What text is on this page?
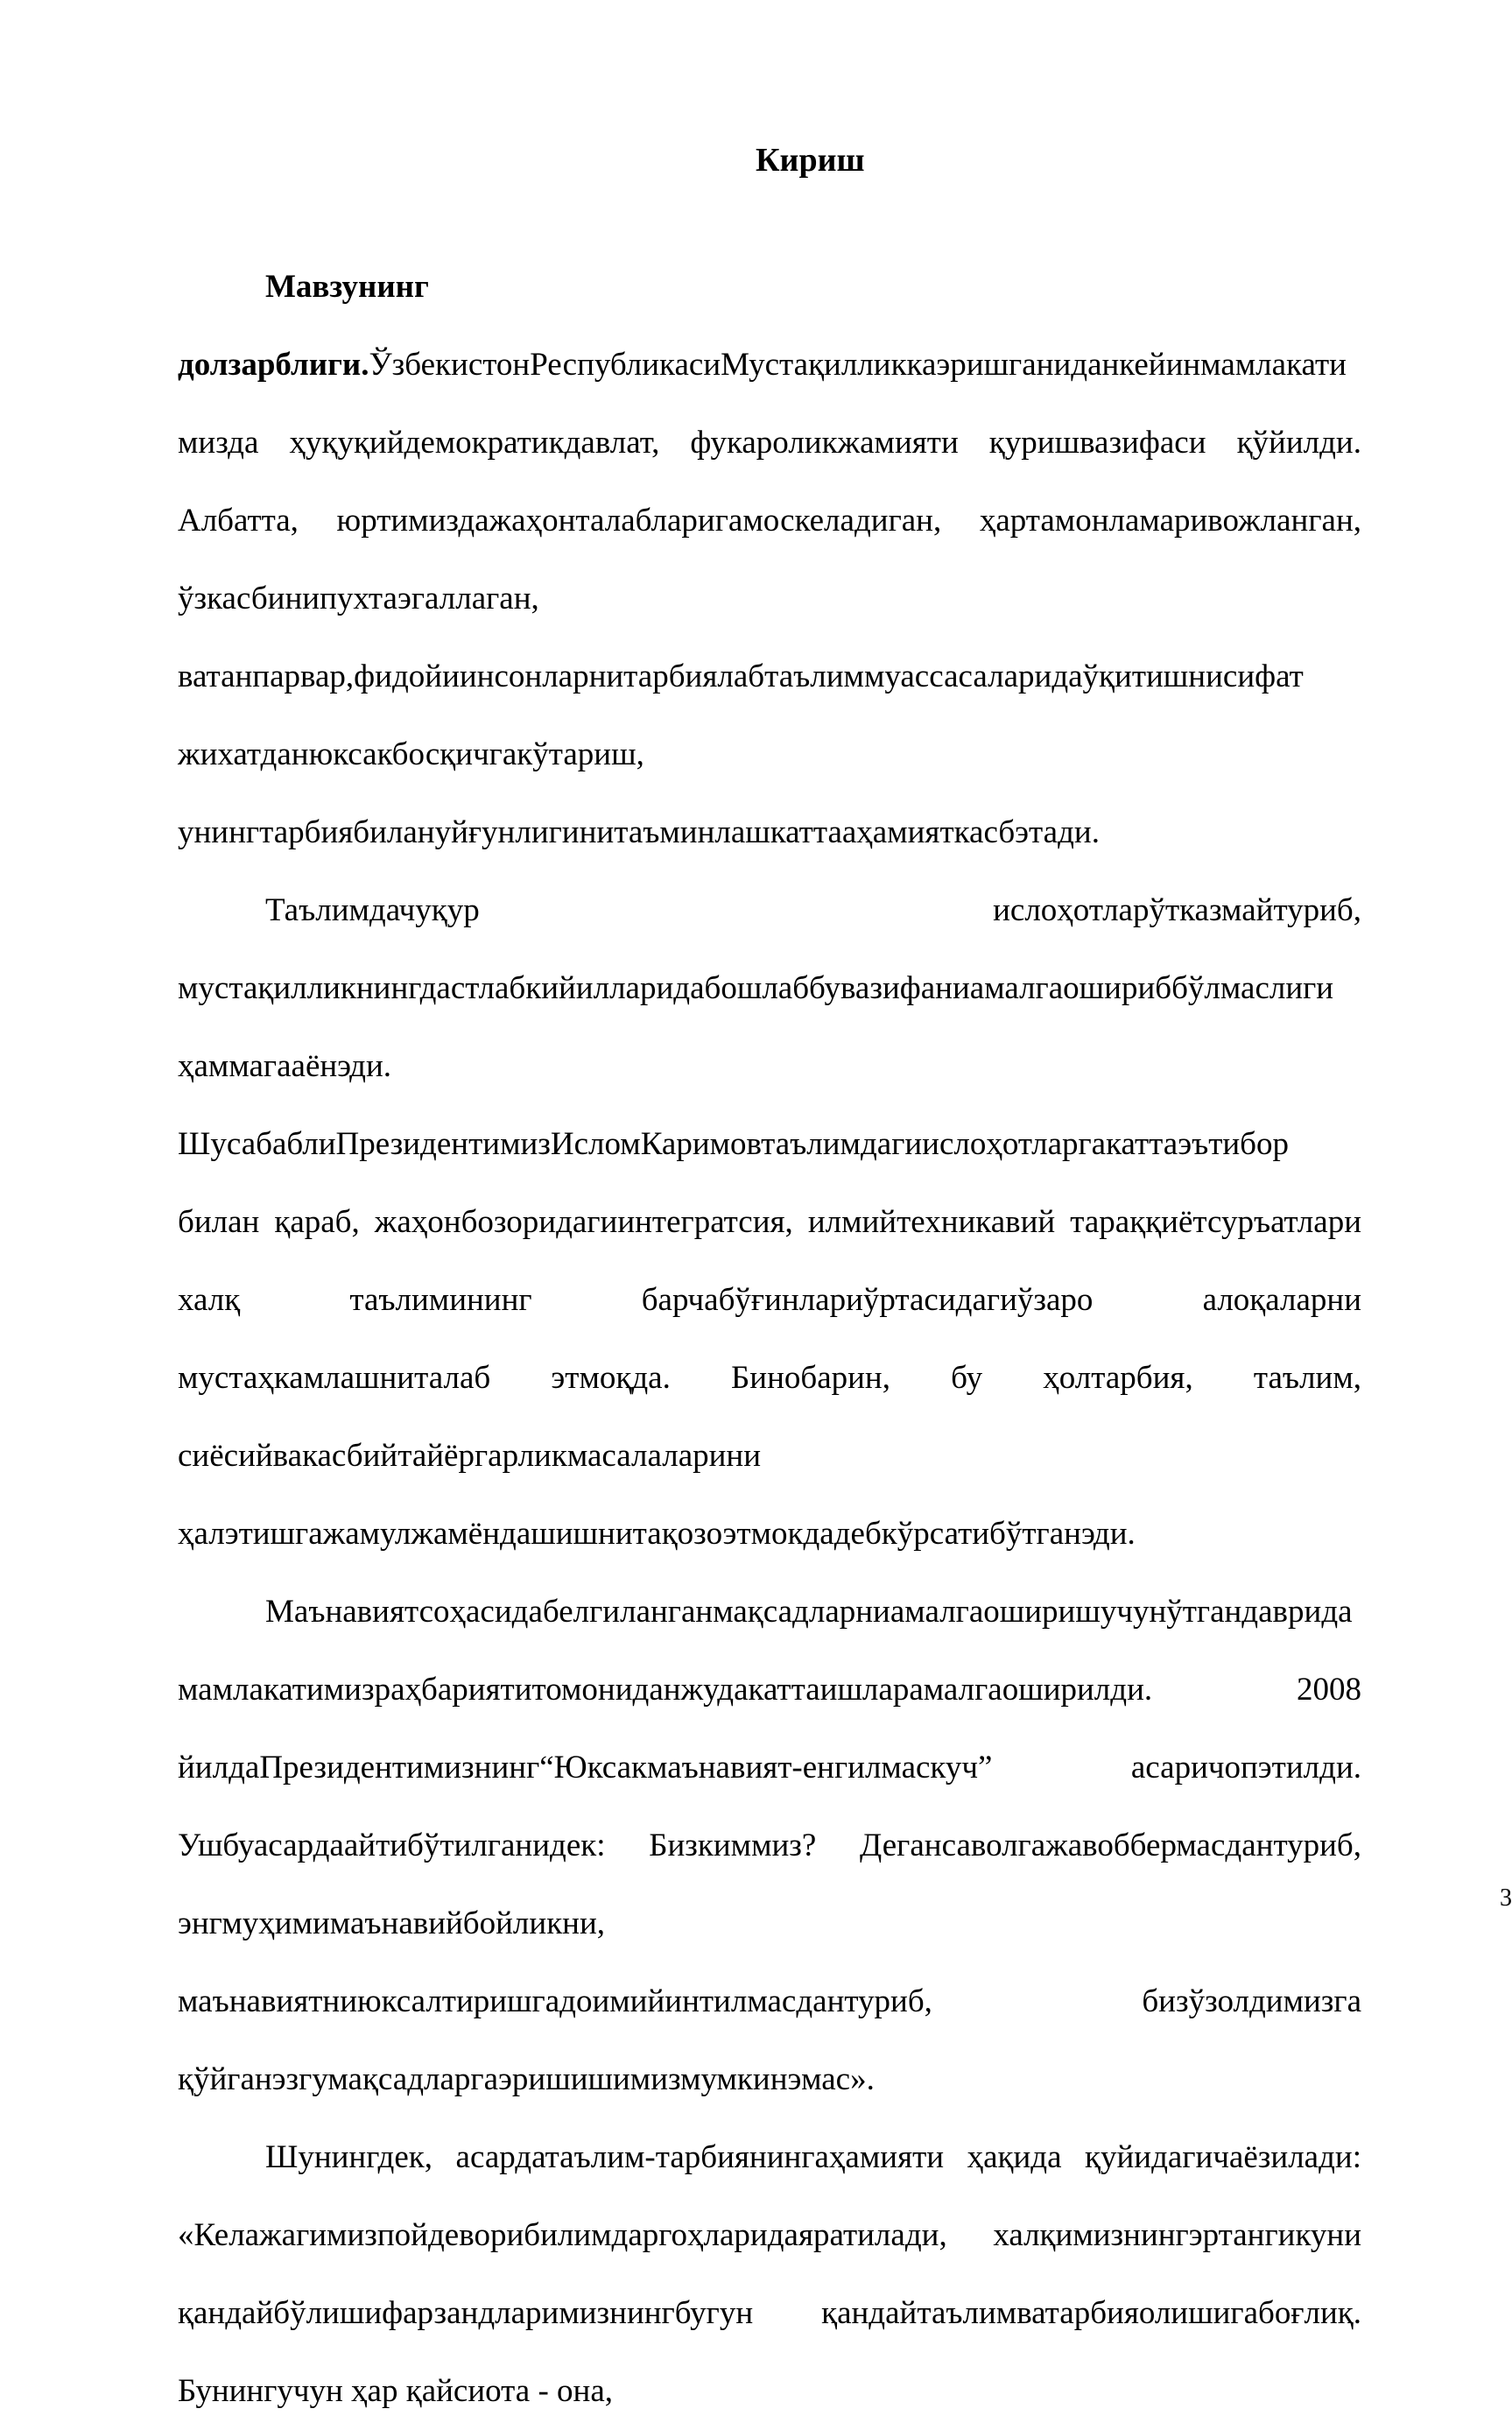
Кириш

Мавзунинг долзарблиги.ЎзбекистонРеспубликасиМустақилликкаэришганиданкейинмамлакатимизда ҳуқуқийдемократикдавлат, фукароликжамияти қуришвазифаси қўйилди. Албатта, юртимиздажаҳонталабларигамоскеладиган, ҳартамонламаривожланган, ўзкасбинипухтаэгаллаган, ватанпарвар,фидойиинсонларнитарбиялабтаълиммуассасаларидаўқитишнисифат жихатданюксакбосқичгакўтариш, унингтарбиябилануйғунлигинитаъминлашкаттааҳамияткасбэтади.

Таълимдачуқур ислоҳотларўтказмайтуриб, мустақилликнингдастлабкийилларидабошлаббувазифаниамалгаошириббўлмаслиги ҳаммагааёнэди. ШусабаблиПрезидентимизИсломКаримовтаълимдагиислоҳотларгакаттаэътибор билан қараб, жаҳонбозоридагиинтегратсия, илмийтехникавий тараққиётсуръатлари халқ таълимининг барчабўғинлариўртасидагиўзаро алоқаларни мустаҳкамлашниталаб этмоқда. Бинобарин, бу ҳолтарбия, таълим, сиёсийвакасбийтайёргарликмасалаларини ҳалэтишгажамулжамёндашишнитақозоэтмокдадебкўрсатибўтганэди.

Маънавиятсоҳасидабелгиланганмақсадларниамалгаоширишучунўтгандаврида мамлакатимизраҳбариятитомониданжудакаттаишларамалгаоширилди. 2008 йилдаПрезидентимизнинг“Юксакмаънавият-енгилмаскуч” асаричопэтилди. Ушбуасардаайтибўтилганидек: Бизкиммиз? Дегансаволгажавоббермасдантуриб, энгмуҳимимаънавийбойликни, маънавиятниюксалтиришгадоимийинтилмасдантуриб, бизўзолдимизга қўйганэзгумақсадларгаэришишимизмумкинэмас».

Шунингдек, асардатаълим-тарбиянингаҳамияти ҳақида қуйидагичаёзилади: «Келажагимизпойдеворибилимдаргоҳларидаяратилади, халқимизнингэртангикуни қандайбўлишифарзандларимизнингбугун қандайтаълимватарбияолишигабоғлиқ. Бунингучун ҳар қайсиота - она,

3
